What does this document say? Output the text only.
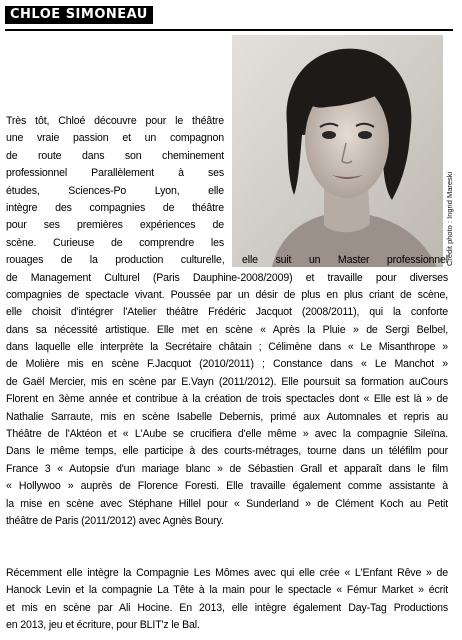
CHLOE SIMONEAU
Crédit photo : Ingrid Mareski
Très tôt, Chloé découvre pour le théâtre
une vraie passion et un compagnon
de route dans son cheminement
professionnel Parallèlement à ses
études, Sciences-Po Lyon, elle
intègre des compagnies de théâtre
pour ses premières expériences de
scène. Curieuse de comprendre les
rouages de la production culturelle, elle suit un Master professionnel
de Management Culturel (Paris Dauphine-2008/2009) et travaille pour diverses
compagnies de spectacle vivant. Poussée par un désir de plus en plus criant de scène,
elle choisit d'intégrer l'Atelier théâtre Frédéric Jacquot (2008/2011), qui la conforte
dans sa nécessité artistique. Elle met en scène « Après la Pluie » de Sergi Belbel,
dans laquelle elle interprète la Secrétaire châtain ; Célimène dans « Le Misanthrope »
de Molière mis en scène F.Jacquot (2010/2011) ; Constance dans « Le Manchot »
de Gaël Mercier, mis en scène par E.Vayn (2011/2012). Elle poursuit sa formation auCours
Florent en 3ème année et contribue à la création de trois spectacles dont « Elle est là » de
Nathalie Sarraute, mis en scène Isabelle Debernis, primé aux Automnales et repris au
Théâtre de l'Aktéon et « L'Aube se crucifiera d'elle même » avec la compagnie Sileïna.
Dans le même temps, elle participe à des courts-métrages, tourne dans un téléfilm pour
France 3 « Autopsie d'un mariage blanc » de Sébastien Grall et apparaît dans le film
« Hollywoo » auprès de Florence Foresti. Elle travaille également comme assistante à
la mise en scène avec Stéphane Hillel pour « Sunderland » de Clément Koch au Petit
théâtre de Paris (2011/2012) avec Agnès Boury.
Récemment elle intègre la Compagnie Les Mômes avec qui elle crée « L'Enfant Rêve » de
Hanock Levin et la compagnie La Tête à la main pour le spectacle « Fémur Market » écrit
et mis en scène par Ali Hocine. En 2013, elle intègre également Day-Tag Productions
en 2013, jeu et écriture, pour BLIT'z le Bal.
